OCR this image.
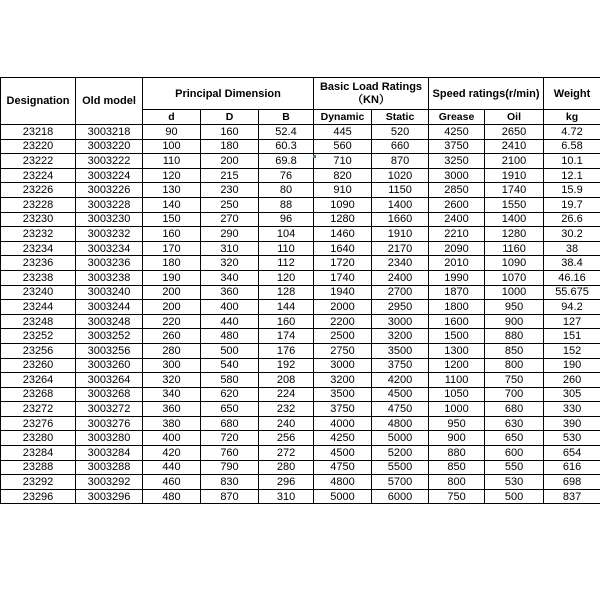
Designation	Old model	Principal Dimension			Basic Load Ratings （KN）		Speed ratings(r/min)		Weight
		d	D	B	Dynamic	Static	Grease	Oil	kg
23218	3003218	90	160	52.4	445	520	4250	2650	4.72
23220	3003220	100	180	60.3	560	660	3750	2410	6.58
23222	3003222	110	200	69.8	710	870	3250	2100	10.1
23224	3003224	120	215	76	820	1020	3000	1910	12.1
23226	3003226	130	230	80	910	1150	2850	1740	15.9
23228	3003228	140	250	88	1090	1400	2600	1550	19.7
23230	3003230	150	270	96	1280	1660	2400	1400	26.6
23232	3003232	160	290	104	1460	1910	2210	1280	30.2
23234	3003234	170	310	110	1640	2170	2090	1160	38
23236	3003236	180	320	112	1720	2340	2010	1090	38.4
23238	3003238	190	340	120	1740	2400	1990	1070	46.16
23240	3003240	200	360	128	1940	2700	1870	1000	55.675
23244	3003244	200	400	144	2000	2950	1800	950	94.2
23248	3003248	220	440	160	2200	3000	1600	900	127
23252	3003252	260	480	174	2500	3200	1500	880	151
23256	3003256	280	500	176	2750	3500	1300	850	152
23260	3003260	300	540	192	3000	3750	1200	800	190
23264	3003264	320	580	208	3200	4200	1100	750	260
23268	3003268	340	620	224	3500	4500	1050	700	305
23272	3003272	360	650	232	3750	4750	1000	680	330
23276	3003276	380	680	240	4000	4800	950	630	390
23280	3003280	400	720	256	4250	5000	900	650	530
23284	3003284	420	760	272	4500	5200	880	600	654
23288	3003288	440	790	280	4750	5500	850	550	616
23292	3003292	460	830	296	4800	5700	800	530	698
23296	3003296	480	870	310	5000	6000	750	500	837
